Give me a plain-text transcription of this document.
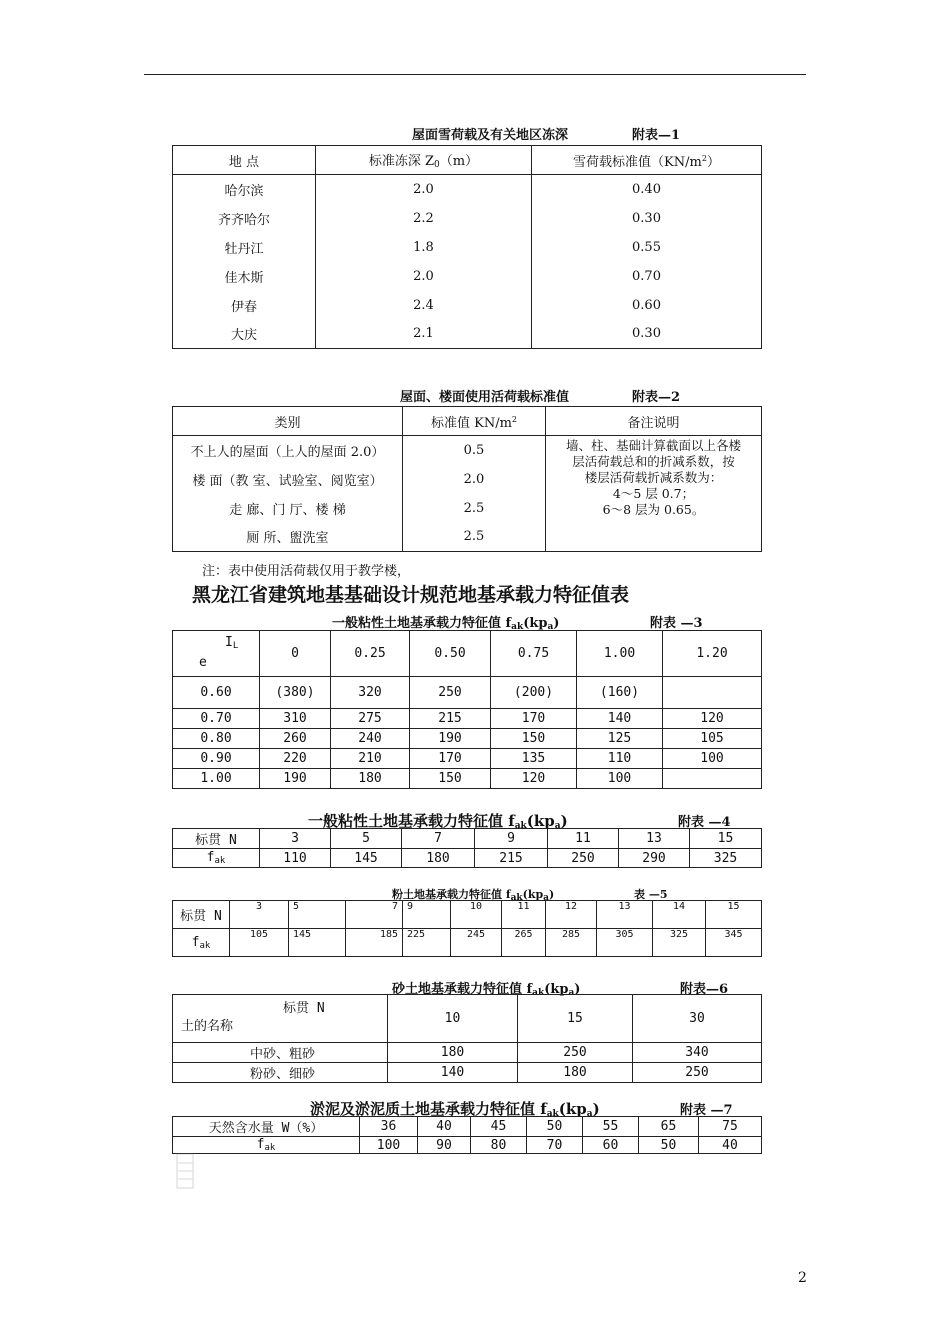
屋面雪荷载及有关地区冻深	附表—1
地 点	标准冻深 $Z_0(m)$	雪荷载标准值$(KN/m^2)$
哈尔滨	2.0	0.40
齐齐哈尔	2.2	0.30
牡丹江	1.8	0.55
佳木斯	2.0	0.70
伊春	2.4	0.60
大庆	2.1	0.30
屋面、楼面使用活荷载标准值	附表—2
类别	标准值 $KN/m^2$	备注说明
不上人的屋面（上人的屋面 2.0）	0.5	墙、柱、基础计算截面以上各楼
层活荷载总和的折减系数，按
楼层活荷载折减系数为：
4～5 层 0.7；
6～8 层为 0.65。

楼 面（教 室、试验室、阅览室）	2.0	
走 廊、门 厅、楼 梯	2.5	
厕 所、盥洗室	2.5	
注：表中使用活荷载仅用于教学楼，
黑龙江省建筑地基基础设计规范地基承载力特征值表
一般粘性土地基承载力特征值 $f_{ak}(kp_a)$	附表 —3
$I_L$
e	0	0.25	0.50	0.75	1.00	1.20
0.60	(380)	320	250	(200)	(160)	
0.70	310	275	215	170	140	120
0.80	260	240	190	150	125	105
0.90	220	210	170	135	110	100
1.00	190	180	150	120	100	
一般粘性土地基承载力特征值 $f_{ak}(kp_a)$	附表 —4
标贯 N	3	5	7	9	11	13	15
$f_{ak}$	110	145	180	215	250	290	325
粉土地基承载力特征值 $f_{ak}(kp_a)$	表 —5
标贯 N	3	5	7	9	10	11	12	13	14	15
$f_{ak}$	105	145	185	225	245	265	285	305	325	345
砂土地基承载力特征值 $f_{ak}(kp_a)$	附表—6
标贯 N
土的名称	10	15	30
中砂、粗砂	180	250	340
粉砂、细砂	140	180	250
淤泥及淤泥质土地基承载力特征值 $f_{ak}(kp_a)$	附表 —7
天然含水量 W（%）	36	40	45	50	55	65	75
$f_{ak}$	100	90	80	70	60	50	40
2
